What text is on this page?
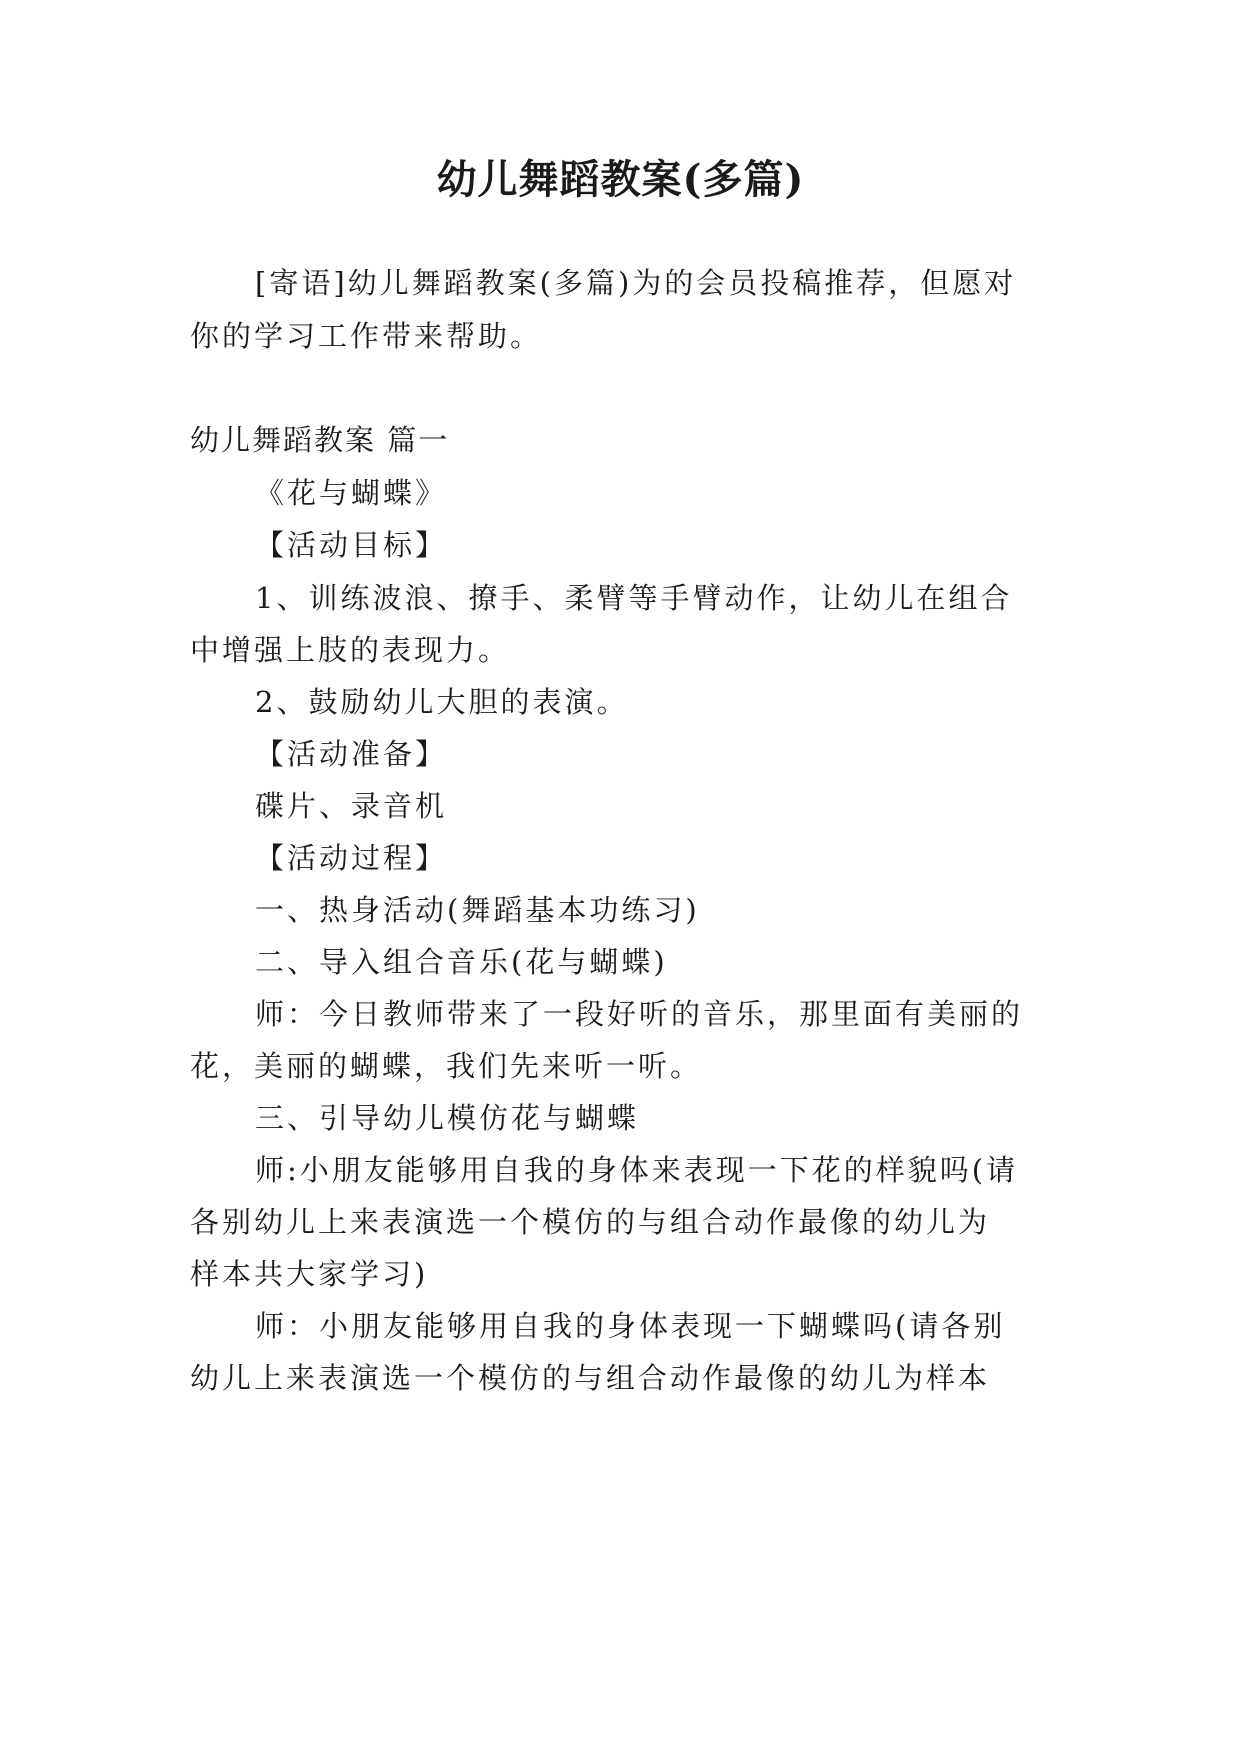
幼儿舞蹈教案(多篇)

[寄语]幼儿舞蹈教案(多篇)为的会员投稿推荐，但愿对

你的学习工作带来帮助。

幼儿舞蹈教案 篇一

《花与蝴蝶》

【活动目标】

1、训练波浪、撩手、柔臂等手臂动作，让幼儿在组合

中增强上肢的表现力。

2、鼓励幼儿大胆的表演。

【活动准备】

碟片、录音机

【活动过程】

一、热身活动(舞蹈基本功练习)

二、导入组合音乐(花与蝴蝶)

师：今日教师带来了一段好听的音乐，那里面有美丽的

花，美丽的蝴蝶，我们先来听一听。

三、引导幼儿模仿花与蝴蝶

师:小朋友能够用自我的身体来表现一下花的样貌吗(请

各别幼儿上来表演选一个模仿的与组合动作最像的幼儿为

样本共大家学习)

师：小朋友能够用自我的身体表现一下蝴蝶吗(请各别

幼儿上来表演选一个模仿的与组合动作最像的幼儿为样本
